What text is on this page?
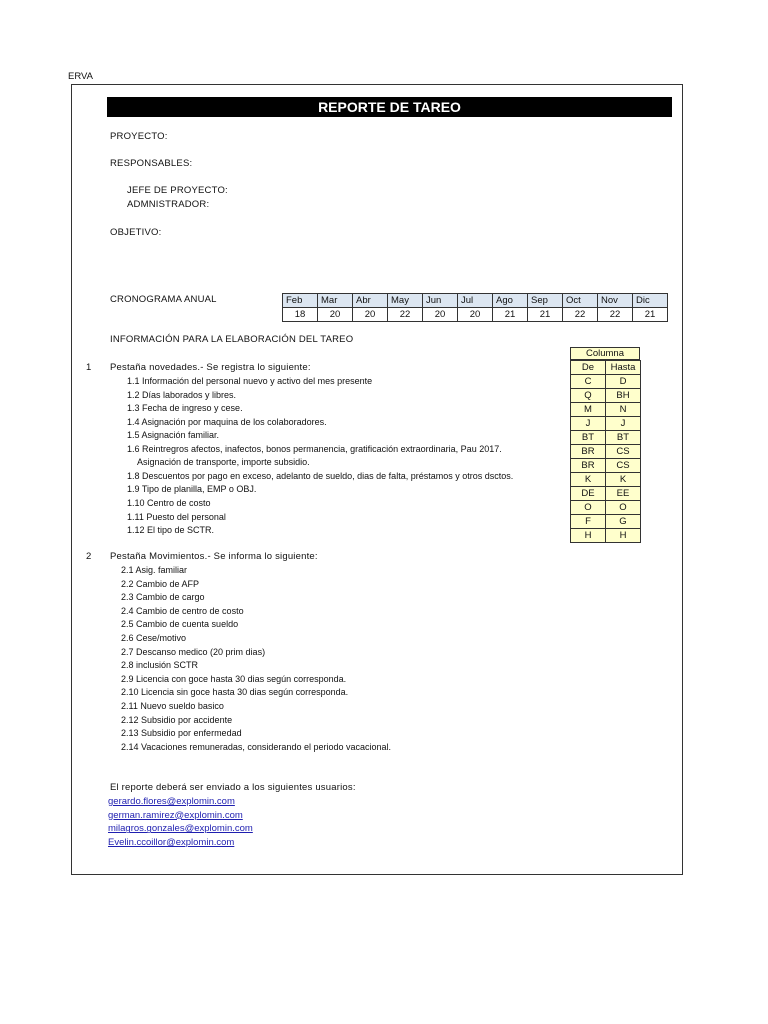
ERVA
REPORTE DE TAREO
PROYECTO:
RESPONSABLES:
JEFE DE PROYECTO:
ADMNISTRADOR:
OBJETIVO:
CRONOGRAMA ANUAL	Feb	Mar	Abr	May	Jun	Jul	Ago	Sep	Oct	Nov	Dic
18	20	20	22	20	20	21	21	22	22	21
INFORMACIÓN PARA LA ELABORACIÓN DEL TAREO
Columna
De	Hasta
C	D
Q	BH
M	N
J	J
BT	BT
BR	CS
BR	CS
K	K
DE	EE
O	O
F	G
H	H
1 Pestaña novedades.- Se registra lo siguiente:
1.1 Información del personal nuevo y activo del mes presente
1.2 Días laborados y libres.
1.3 Fecha de ingreso y cese.
1.4 Asignación por maquina de los colaboradores.
1.5 Asignación familiar.
1.6 Reintregros afectos, inafectos, bonos permanencia, gratificación extraordinaria, Pau 2017.
Asignación de transporte, importe subsidio.
1.8 Descuentos por pago en exceso, adelanto de sueldo, dias de falta, préstamos y otros dsctos.
1.9 Tipo de planilla, EMP o OBJ.
1.10 Centro de costo
1.11 Puesto del personal
1.12 El tipo de SCTR.
2 Pestaña Movimientos.- Se informa lo siguiente:
2.1 Asig. familiar
2.2 Cambio de AFP
2.3 Cambio de cargo
2.4 Cambio de centro de costo
2.5 Cambio de cuenta sueldo
2.6 Cese/motivo
2.7 Descanso medico (20 prim dias)
2.8 inclusión SCTR
2.9 Licencia con goce hasta 30 dias según corresponda.
2.10 Licencia sin goce hasta 30 dias según corresponda.
2.11 Nuevo sueldo basico
2.12 Subsidio por accidente
2.13 Subsidio por enfermedad
2.14 Vacaciones remuneradas, considerando el periodo vacacional.
El reporte deberá ser enviado a los siguientes usuarios:
gerardo.flores@explomin.com
german.ramirez@explomin.com
milagros.gonzales@explomin.com
Evelin.ccoillor@explomin.com
